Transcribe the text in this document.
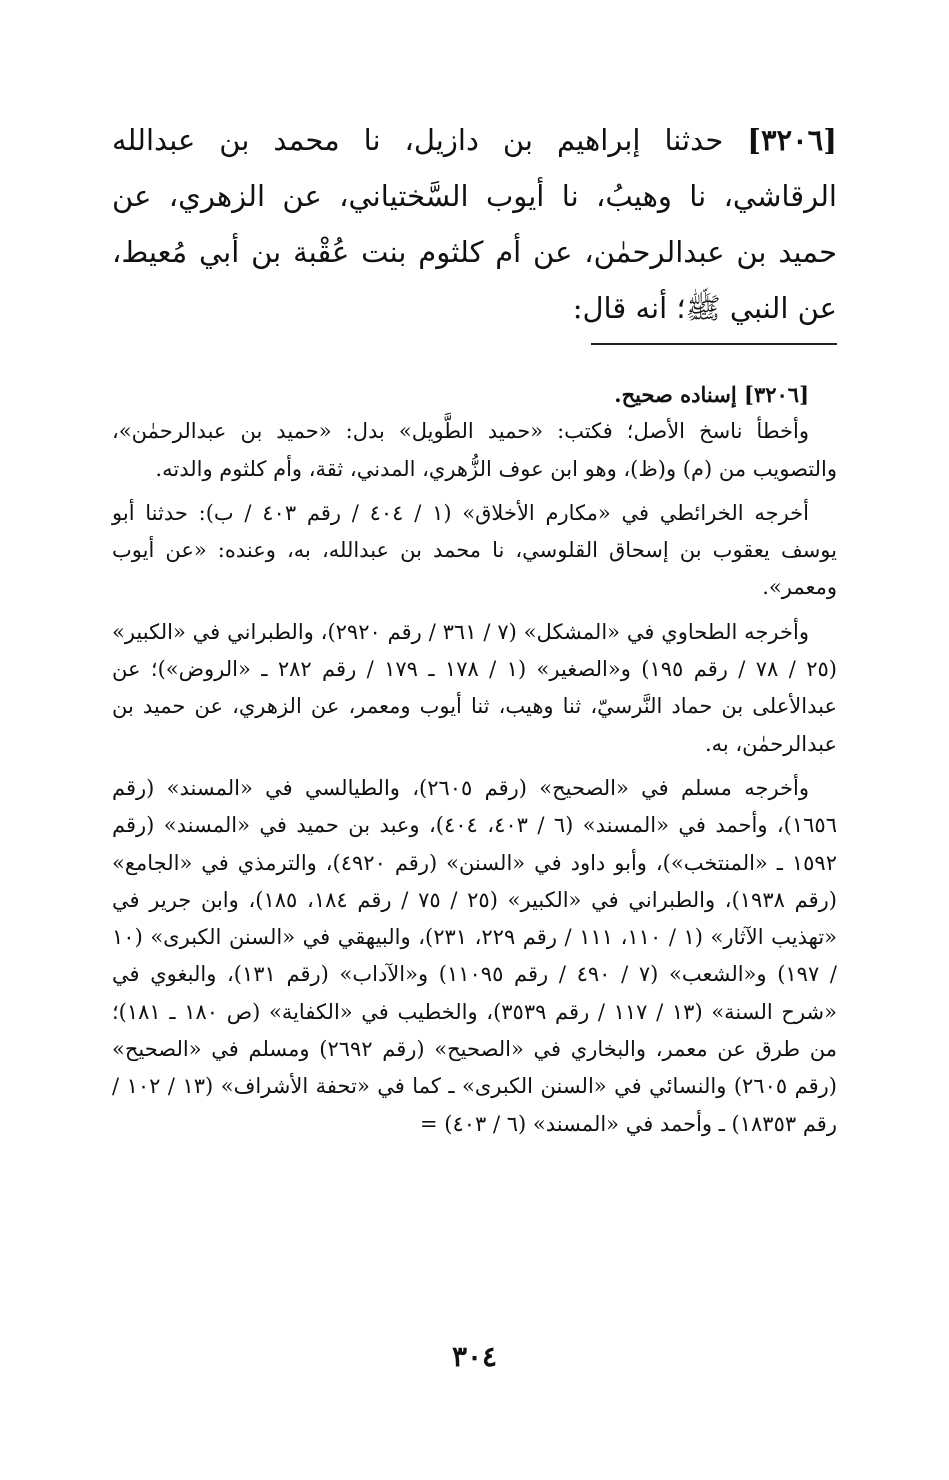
[٣٢٠٦] حدثنا إبراهيم بن دازيل، نا محمد بن عبدالله الرقاشي، نا وهيبُ، نا أيوب السَّختياني، عن الزهري، عن حميد بن عبدالرحمٰن، عن أم كلثوم بنت عُقْبة بن أبي مُعيط، عن النبي ﷺ؛ أنه قال:

[٣٢٠٦] إسناده صحيح.

وأخطأ ناسخ الأصل؛ فكتب: «حميد الطَّويل» بدل: «حميد بن عبدالرحمٰن»، والتصويب من (م) و(ظ)، وهو ابن عوف الزُّهري، المدني، ثقة، وأم كلثوم والدته.

أخرجه الخرائطي في «مكارم الأخلاق» (١ / ٤٠٤ / رقم ٤٠٣ / ب): حدثنا أبو يوسف يعقوب بن إسحاق القلوسي، نا محمد بن عبدالله، به، وعنده: «عن أيوب ومعمر».

وأخرجه الطحاوي في «المشكل» (٧ / ٣٦١ / رقم ٢٩٢٠)، والطبراني في «الكبير» (٢٥ / ٧٨ / رقم ١٩٥) و«الصغير» (١ / ١٧٨ ـ ١٧٩ / رقم ٢٨٢ ـ «الروض»)؛ عن عبدالأعلى بن حماد النَّرسيّ، ثنا وهيب، ثنا أيوب ومعمر، عن الزهري، عن حميد بن عبدالرحمٰن، به.

وأخرجه مسلم في «الصحيح» (رقم ٢٦٠٥)، والطيالسي في «المسند» (رقم ١٦٥٦)، وأحمد في «المسند» (٦ / ٤٠٣، ٤٠٤)، وعبد بن حميد في «المسند» (رقم ١٥٩٢ ـ «المنتخب»)، وأبو داود في «السنن» (رقم ٤٩٢٠)، والترمذي في «الجامع» (رقم ١٩٣٨)، والطبراني في «الكبير» (٢٥ / ٧٥ / رقم ١٨٤، ١٨٥)، وابن جرير في «تهذيب الآثار» (١ / ١١٠، ١١١ / رقم ٢٢٩، ٢٣١)، والبيهقي في «السنن الكبرى» (١٠ / ١٩٧) و«الشعب» (٧ / ٤٩٠ / رقم ١١٠٩٥) و«الآداب» (رقم ١٣١)، والبغوي في «شرح السنة» (١٣ / ١١٧ / رقم ٣٥٣٩)، والخطيب في «الكفاية» (ص ١٨٠ ـ ١٨١)؛ من طرق عن معمر، والبخاري في «الصحيح» (رقم ٢٦٩٢) ومسلم في «الصحيح» (رقم ٢٦٠٥) والنسائي في «السنن الكبرى» ـ كما في «تحفة الأشراف» (١٣ / ١٠٢ / رقم ١٨٣٥٣) ـ وأحمد في «المسند» (٦ / ٤٠٣) =

٣٠٤
